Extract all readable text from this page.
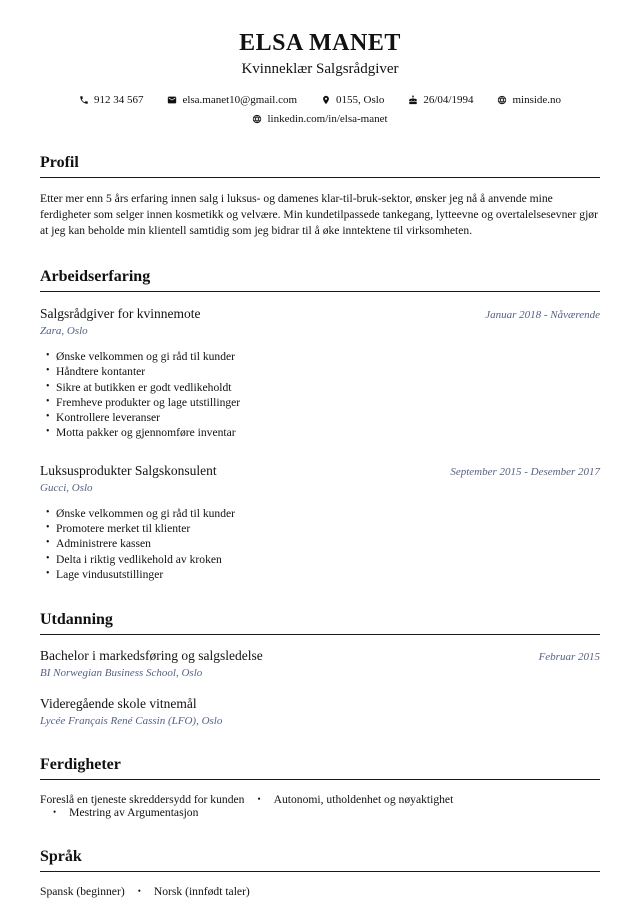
ELSA MANET
Kvinneklær Salgsrådgiver
912 34 567	elsa.manet10@gmail.com	0155, Oslo	26/04/1994	minside.no
linkedin.com/in/elsa-manet
Profil

Etter mer enn 5 års erfaring innen salg i luksus- og damenes klar-til-bruk-sektor, ønsker jeg nå å anvende mine ferdigheter som selger innen kosmetikk og velvære. Min kundetilpassede tankegang, lytteevne og overtalelsesevner gjør at jeg kan beholde min klientell samtidig som jeg bidrar til å øke inntektene til virksomheten.

Arbeidserfaring
Salgsrådgiver for kvinnemote	Januar 2018 - Nåværende
Zara, Oslo
• Ønske velkommen og gi råd til kunder
• Håndtere kontanter
• Sikre at butikken er godt vedlikeholdt
• Fremheve produkter og lage utstillinger
• Kontrollere leveranser
• Motta pakker og gjennomføre inventar
Luksusprodukter Salgskonsulent	September 2015 - Desember 2017
Gucci, Oslo
• Ønske velkommen og gi råd til kunder
• Promotere merket til klienter
• Administrere kassen
• Delta i riktig vedlikehold av kroken
• Lage vindusutstillinger
Utdanning
Bachelor i markedsføring og salgsledelse	Februar 2015
BI Norwegian Business School, Oslo
Videregående skole vitnemål
Lycée Français René Cassin (LFO), Oslo
Ferdigheter
Foreslå en tjeneste skreddersydd for kunden	• Autonomi, utholdenhet og nøyaktighet
• Mestring av Argumentasjon
Språk
Spansk (beginner)	• Norsk (innfødt taler)
